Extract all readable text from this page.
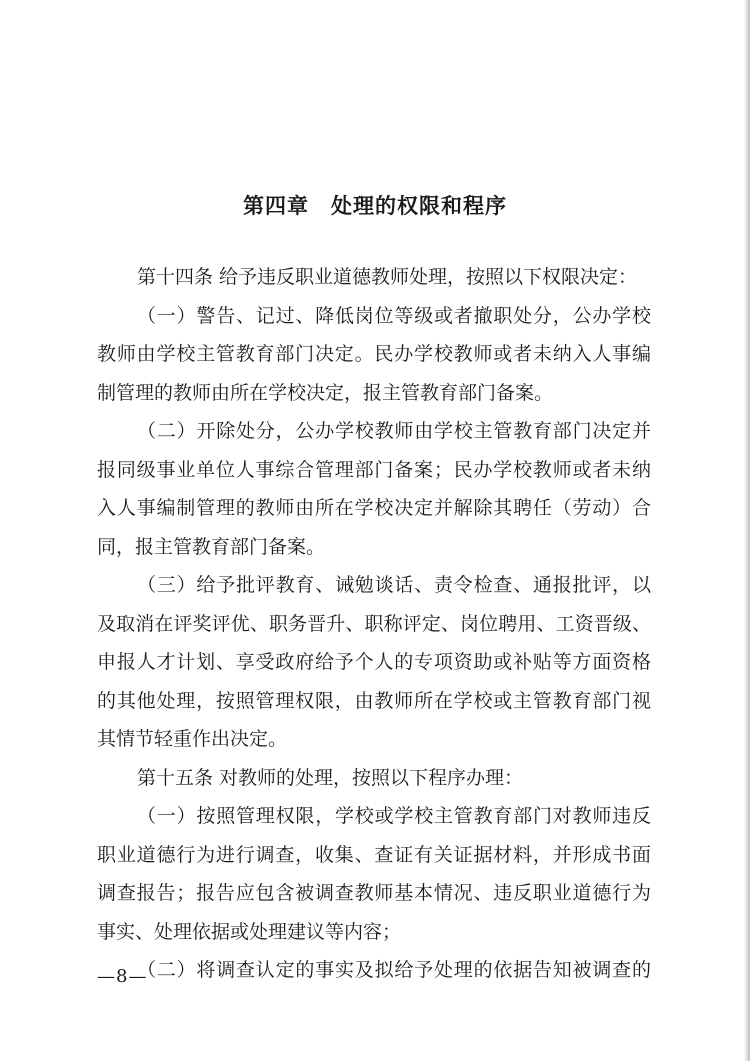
第四章 处理的权限和程序
第十四条 给予违反职业道德教师处理，按照以下权限决定：
（一）警告、记过、降低岗位等级或者撤职处分，公办学校
教师由学校主管教育部门决定。民办学校教师或者未纳入人事编
制管理的教师由所在学校决定，报主管教育部门备案。
（二）开除处分，公办学校教师由学校主管教育部门决定并
报同级事业单位人事综合管理部门备案；民办学校教师或者未纳
入人事编制管理的教师由所在学校决定并解除其聘任（劳动）合
同，报主管教育部门备案。
（三）给予批评教育、诫勉谈话、责令检查、通报批评，以
及取消在评奖评优、职务晋升、职称评定、岗位聘用、工资晋级、
申报人才计划、享受政府给予个人的专项资助或补贴等方面资格
的其他处理，按照管理权限，由教师所在学校或主管教育部门视
其情节轻重作出决定。
第十五条 对教师的处理，按照以下程序办理：
（一）按照管理权限，学校或学校主管教育部门对教师违反
职业道德行为进行调查，收集、查证有关证据材料，并形成书面
调查报告；报告应包含被调查教师基本情况、违反职业道德行为
事实、处理依据或处理建议等内容；
（二）将调查认定的事实及拟给予处理的依据告知被调查的
—8—
